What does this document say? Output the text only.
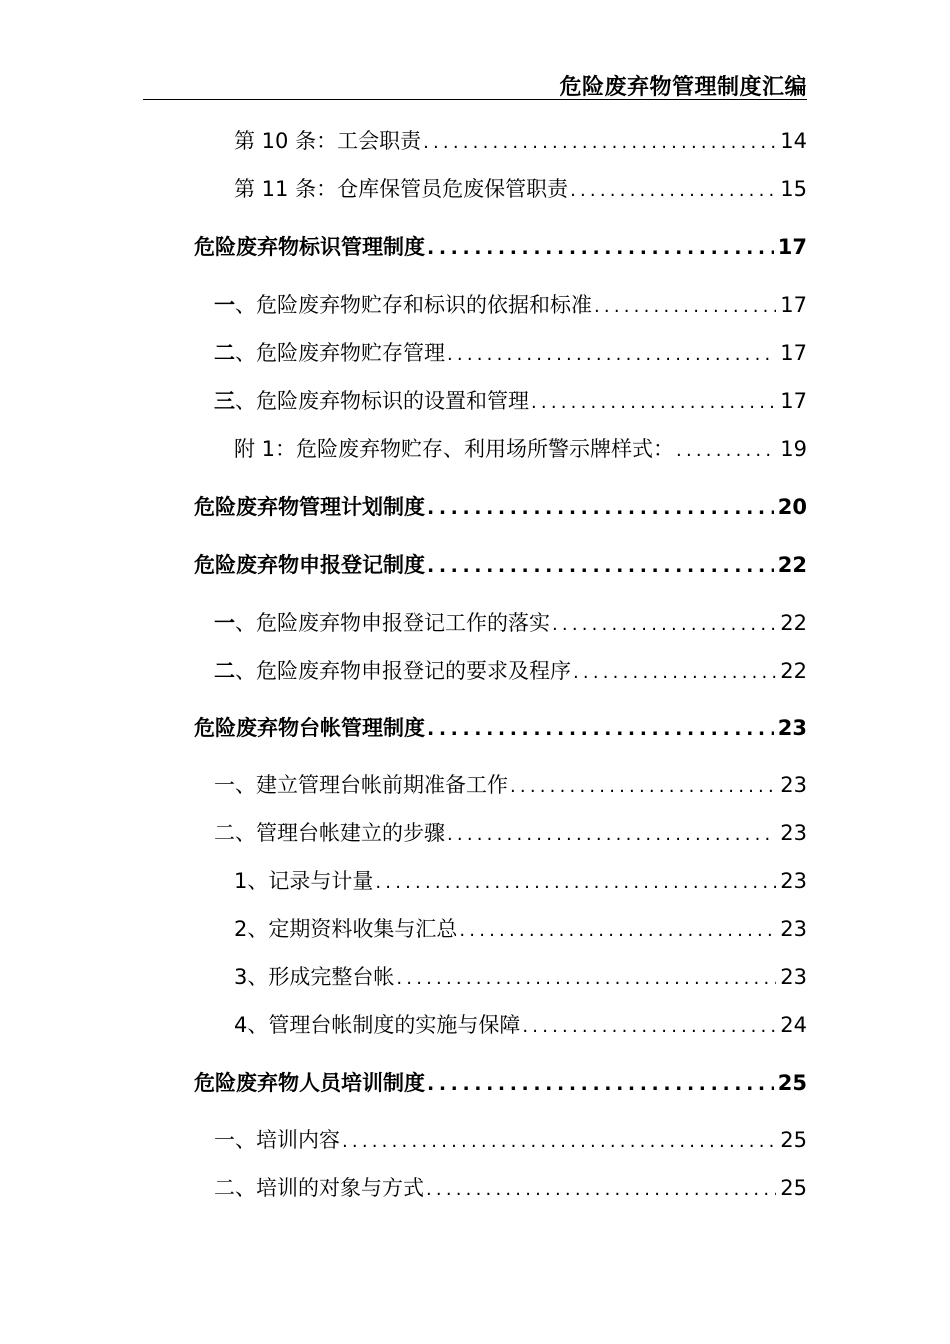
危险废弃物管理制度汇编
第 10 条：工会职责 .....	14
第 11 条：仓库保管员危废保管职责 .....	15
危险废弃物标识管理制度 .....	17
一、危险废弃物贮存和标识的依据和标准 .....	17
二、危险废弃物贮存管理 .....	17
三、危险废弃物标识的设置和管理 .....	17
附 1：危险废弃物贮存、利用场所警示牌样式： .....	19
危险废弃物管理计划制度 .....	20
危险废弃物申报登记制度 .....	22
一、危险废弃物申报登记工作的落实 .....	22
二、危险废弃物申报登记的要求及程序 .....	22
危险废弃物台帐管理制度 .....	23
一、建立管理台帐前期准备工作 .....	23
二、管理台帐建立的步骤 .....	23
1、记录与计量 .....	23
2、定期资料收集与汇总 .....	23
3、形成完整台帐 .....	23
4、管理台帐制度的实施与保障 .....	24
危险废弃物人员培训制度 .....	25
一、培训内容 .....	25
二、培训的对象与方式 .....	25
